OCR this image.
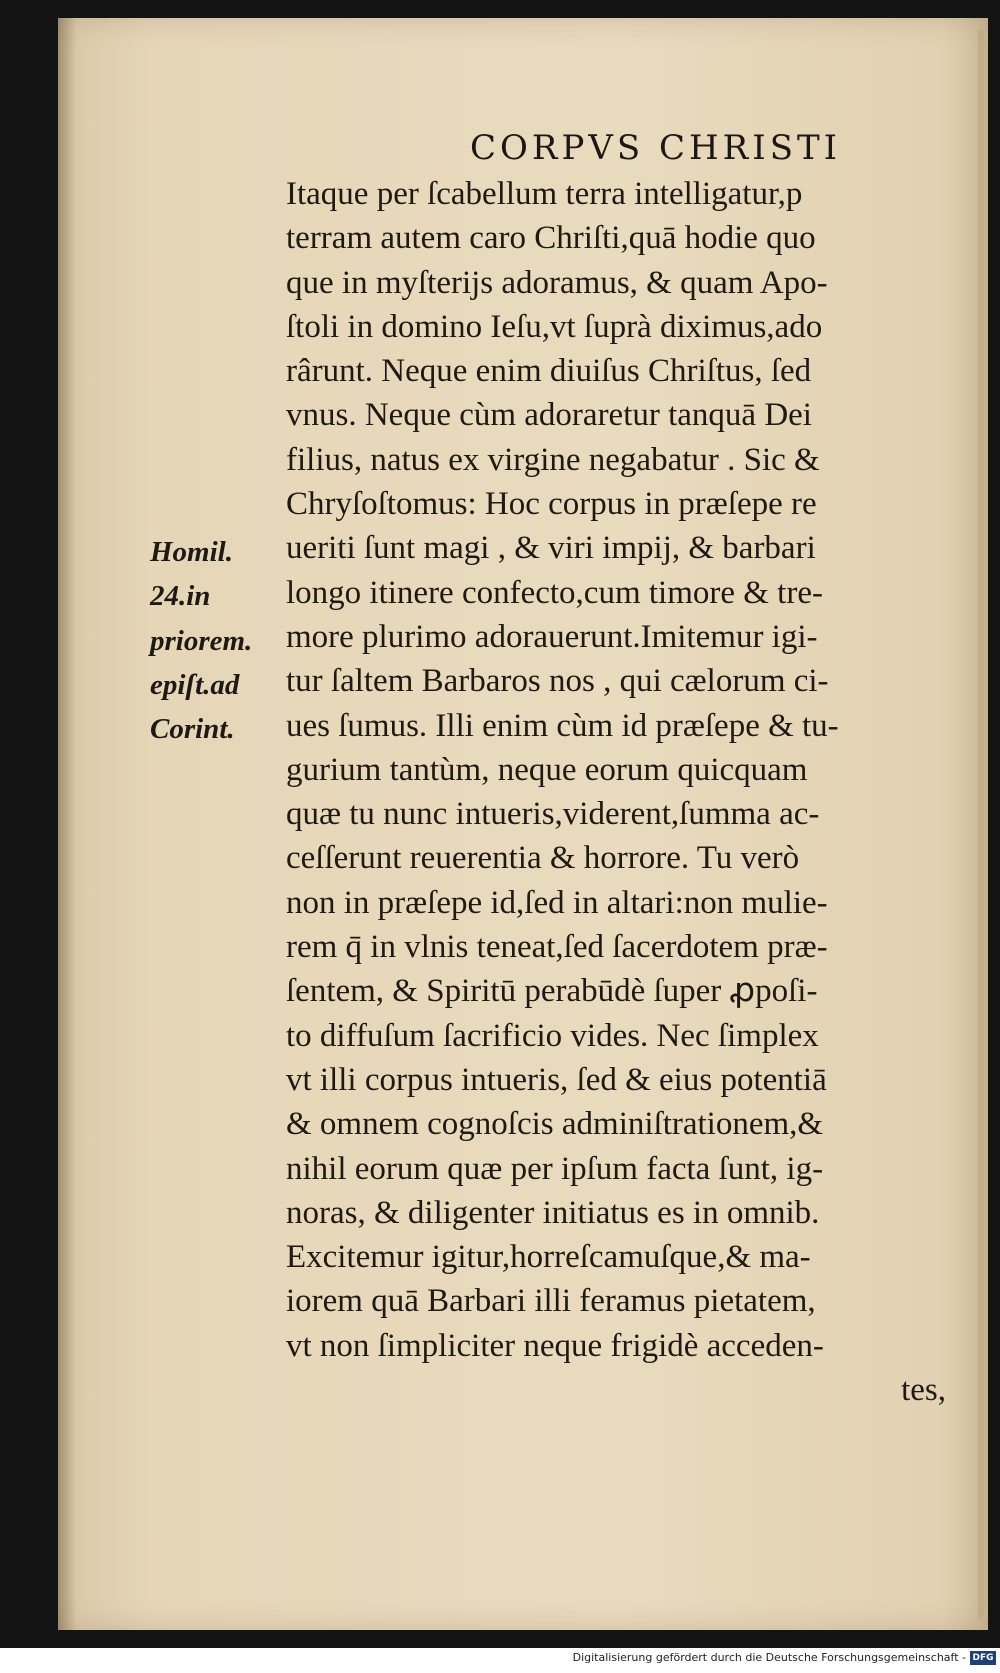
CORPVS CHRISTI
Homil.
24.in
priorem.
epiſt.ad
Corint.
Itaque per ſcabellum terra intelligatur,p
terram autem caro Chriſti,quā hodie quo
que in myſterijs adoramus, & quam Apo-
ſtoli in domino Ieſu,vt ſuprà diximus,ado
rârunt. Neque enim diuiſus Chriſtus, ſed
vnus. Neque cùm adoraretur tanquā Dei
filius, natus ex virgine negabatur . Sic &
Chryſoſtomus: Hoc corpus in præſepe re
ueriti ſunt magi , & viri impij, & barbari
longo itinere confecto,cum timore & tre-
more plurimo adorauerunt.Imitemur igi-
tur ſaltem Barbaros nos , qui cælorum ci-
ues ſumus. Illi enim cùm id præſepe & tu-
gurium tantùm, neque eorum quicquam
quæ tu nunc intueris,viderent,ſumma ac-
ceſſerunt reuerentia & horrore. Tu verò
non in præſepe id,ſed in altari:non mulie-
rem q̄ in vlnis teneat,ſed ſacerdotem præ-
ſentem, & Spiritū perabūdè ſuper ꝓpoſi-
to diffuſum ſacrificio vides. Nec ſimplex
vt illi corpus intueris, ſed & eius potentiā
& omnem cognoſcis adminiſtrationem,&
nihil eorum quæ per ipſum facta ſunt, ig-
noras, & diligenter initiatus es in omnib.
Excitemur igitur,horreſcamuſque,& ma-
iorem quā Barbari illi feramus pietatem,
vt non ſimpliciter neque frigidè acceden-
tes,
Digitalisierung gefördert durch die Deutsche Forschungsgemeinschaft - DFG
